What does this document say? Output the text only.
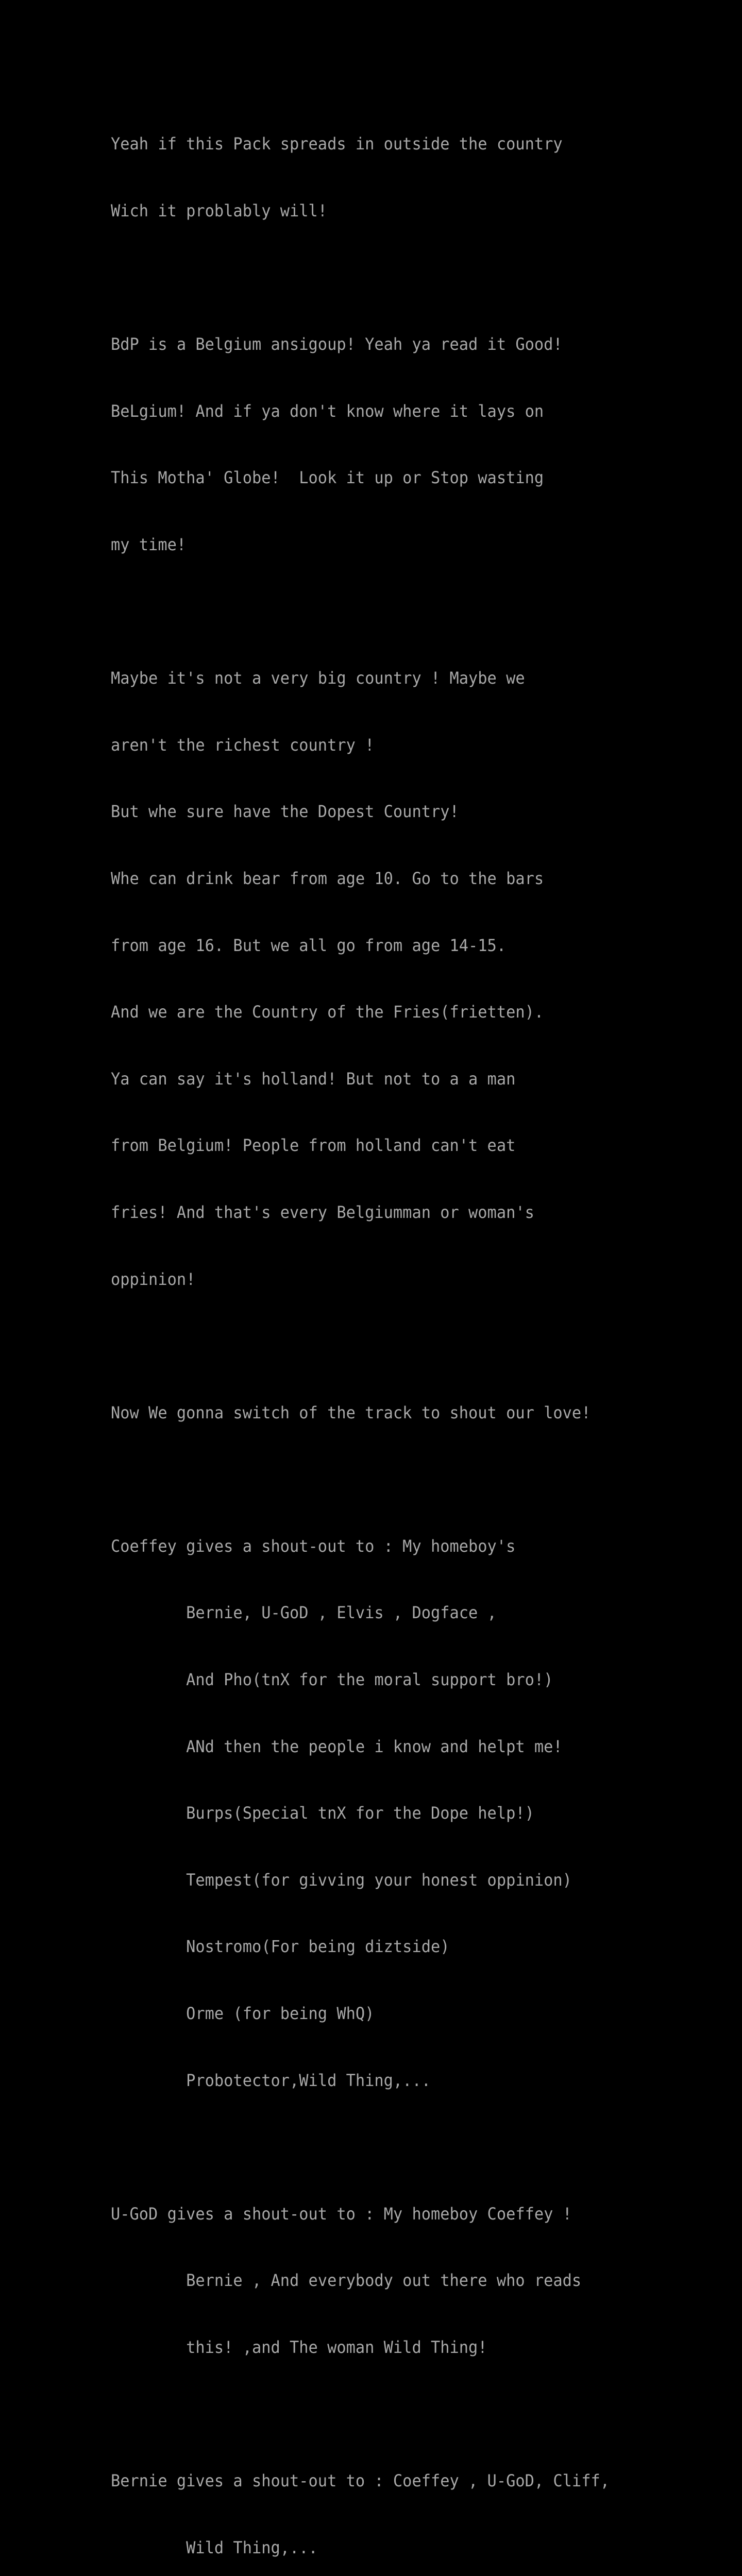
Yeah if this Pack spreads in outside the country

Wich it problably will!

BdP is a Belgium ansigoup! Yeah ya read it Good!

BeLgium! And if ya don't know where it lays on

This Motha' Globe!  Look it up or Stop wasting

my time!

Maybe it's not a very big country ! Maybe we

aren't the richest country !

But whe sure have the Dopest Country!

Whe can drink bear from age 10. Go to the bars

from age 16. But we all go from age 14-15.

And we are the Country of the Fries(frietten).

Ya can say it's holland! But not to a a man

from Belgium! People from holland can't eat

fries! And that's every Belgiumman or woman's

oppinion!

Now We gonna switch of the track to shout our love!

Coeffey gives a shout-out to : My homeboy's

Bernie, U-GoD , Elvis , Dogface ,

And Pho(tnX for the moral support bro!)

ANd then the people i know and helpt me!

Burps(Special tnX for the Dope help!)

Tempest(for givving your honest oppinion)

Nostromo(For being diztside)

Orme (for being WhQ)

Probotector,Wild Thing,...

U-GoD gives a shout-out to : My homeboy Coeffey !

Bernie , And everybody out there who reads

this! ,and The woman Wild Thing!

Bernie gives a shout-out to : Coeffey , U-GoD, Cliff,

Wild Thing,...
